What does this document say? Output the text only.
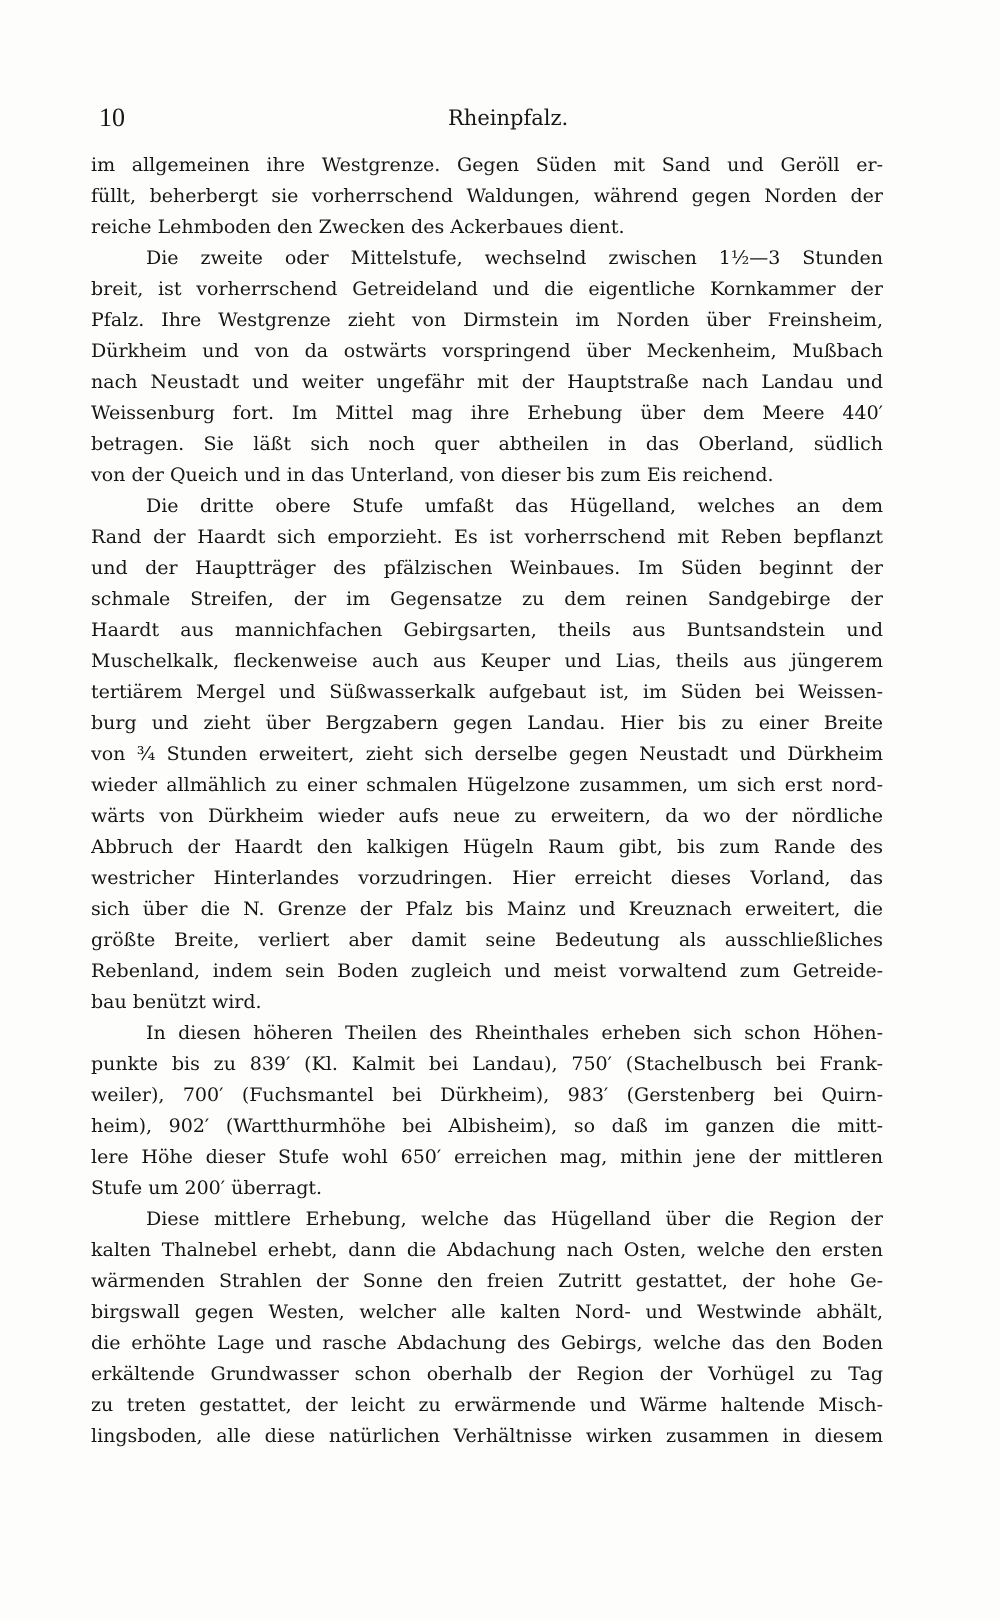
10	Rheinpfalz.
im allgemeinen ihre Westgrenze. Gegen Süden mit Sand und Geröll er-
füllt, beherbergt sie vorherrschend Waldungen, während gegen Norden der
reiche Lehmboden den Zwecken des Ackerbaues dient.
Die zweite oder Mittelstufe, wechselnd zwischen 1½—3 Stunden
breit, ist vorherrschend Getreideland und die eigentliche Kornkammer der
Pfalz. Ihre Westgrenze zieht von Dirmstein im Norden über Freinsheim,
Dürkheim und von da ostwärts vorspringend über Meckenheim, Mußbach
nach Neustadt und weiter ungefähr mit der Hauptstraße nach Landau und
Weissenburg fort. Im Mittel mag ihre Erhebung über dem Meere 440′
betragen. Sie läßt sich noch quer abtheilen in das Oberland, südlich
von der Queich und in das Unterland, von dieser bis zum Eis reichend.
Die dritte obere Stufe umfaßt das Hügelland, welches an dem
Rand der Haardt sich emporzieht. Es ist vorherrschend mit Reben bepflanzt
und der Hauptträger des pfälzischen Weinbaues. Im Süden beginnt der
schmale Streifen, der im Gegensatze zu dem reinen Sandgebirge der
Haardt aus mannichfachen Gebirgsarten, theils aus Buntsandstein und
Muschelkalk, fleckenweise auch aus Keuper und Lias, theils aus jüngerem
tertiärem Mergel und Süßwasserkalk aufgebaut ist, im Süden bei Weissen-
burg und zieht über Bergzabern gegen Landau. Hier bis zu einer Breite
von ¾ Stunden erweitert, zieht sich derselbe gegen Neustadt und Dürkheim
wieder allmählich zu einer schmalen Hügelzone zusammen, um sich erst nord-
wärts von Dürkheim wieder aufs neue zu erweitern, da wo der nördliche
Abbruch der Haardt den kalkigen Hügeln Raum gibt, bis zum Rande des
westricher Hinterlandes vorzudringen. Hier erreicht dieses Vorland, das
sich über die N. Grenze der Pfalz bis Mainz und Kreuznach erweitert, die
größte Breite, verliert aber damit seine Bedeutung als ausschließliches
Rebenland, indem sein Boden zugleich und meist vorwaltend zum Getreide-
bau benützt wird.
In diesen höheren Theilen des Rheinthales erheben sich schon Höhen-
punkte bis zu 839′ (Kl. Kalmit bei Landau), 750′ (Stachelbusch bei Frank-
weiler), 700′ (Fuchsmantel bei Dürkheim), 983′ (Gerstenberg bei Quirn-
heim), 902′ (Wartthurmhöhe bei Albisheim), so daß im ganzen die mitt-
lere Höhe dieser Stufe wohl 650′ erreichen mag, mithin jene der mittleren
Stufe um 200′ überragt.
Diese mittlere Erhebung, welche das Hügelland über die Region der
kalten Thalnebel erhebt, dann die Abdachung nach Osten, welche den ersten
wärmenden Strahlen der Sonne den freien Zutritt gestattet, der hohe Ge-
birgswall gegen Westen, welcher alle kalten Nord- und Westwinde abhält,
die erhöhte Lage und rasche Abdachung des Gebirgs, welche das den Boden
erkältende Grundwasser schon oberhalb der Region der Vorhügel zu Tag
zu treten gestattet, der leicht zu erwärmende und Wärme haltende Misch-
lingsboden, alle diese natürlichen Verhältnisse wirken zusammen in diesem
